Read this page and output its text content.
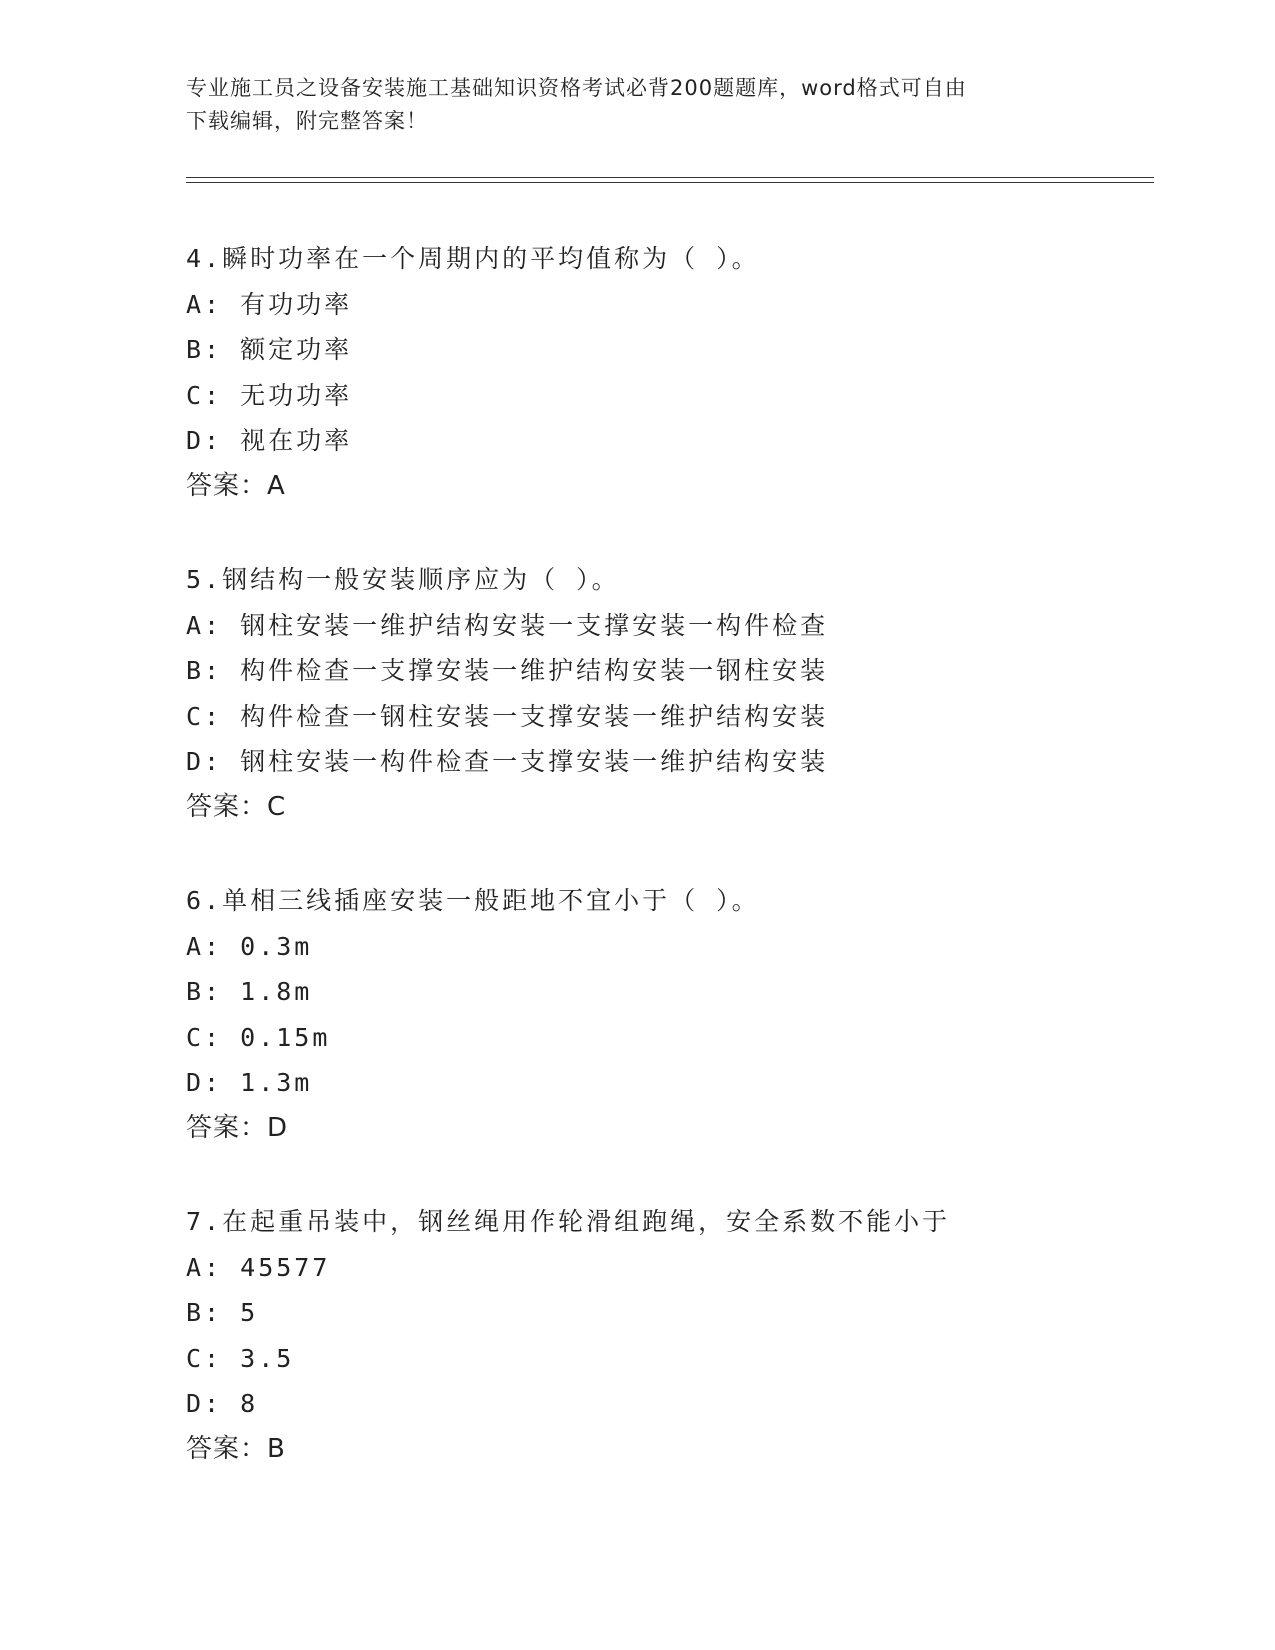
专业施工员之设备安装施工基础知识资格考试必背200题题库，word格式可自由
下载编辑，附完整答案！
4.瞬时功率在一个周期内的平均值称为（ ）。
A: 有功功率
B: 额定功率
C: 无功功率
D: 视在功率
答案：A
5.钢结构一般安装顺序应为（ ）。
A: 钢柱安装一维护结构安装一支撑安装一构件检查
B: 构件检查一支撑安装一维护结构安装一钢柱安装
C: 构件检查一钢柱安装一支撑安装一维护结构安装
D: 钢柱安装一构件检查一支撑安装一维护结构安装
答案：C
6.单相三线插座安装一般距地不宜小于（ ）。
A: 0.3m
B: 1.8m
C: 0.15m
D: 1.3m
答案：D
7.在起重吊装中，钢丝绳用作轮滑组跑绳，安全系数不能小于
A: 45577
B: 5
C: 3.5
D: 8
答案：B
